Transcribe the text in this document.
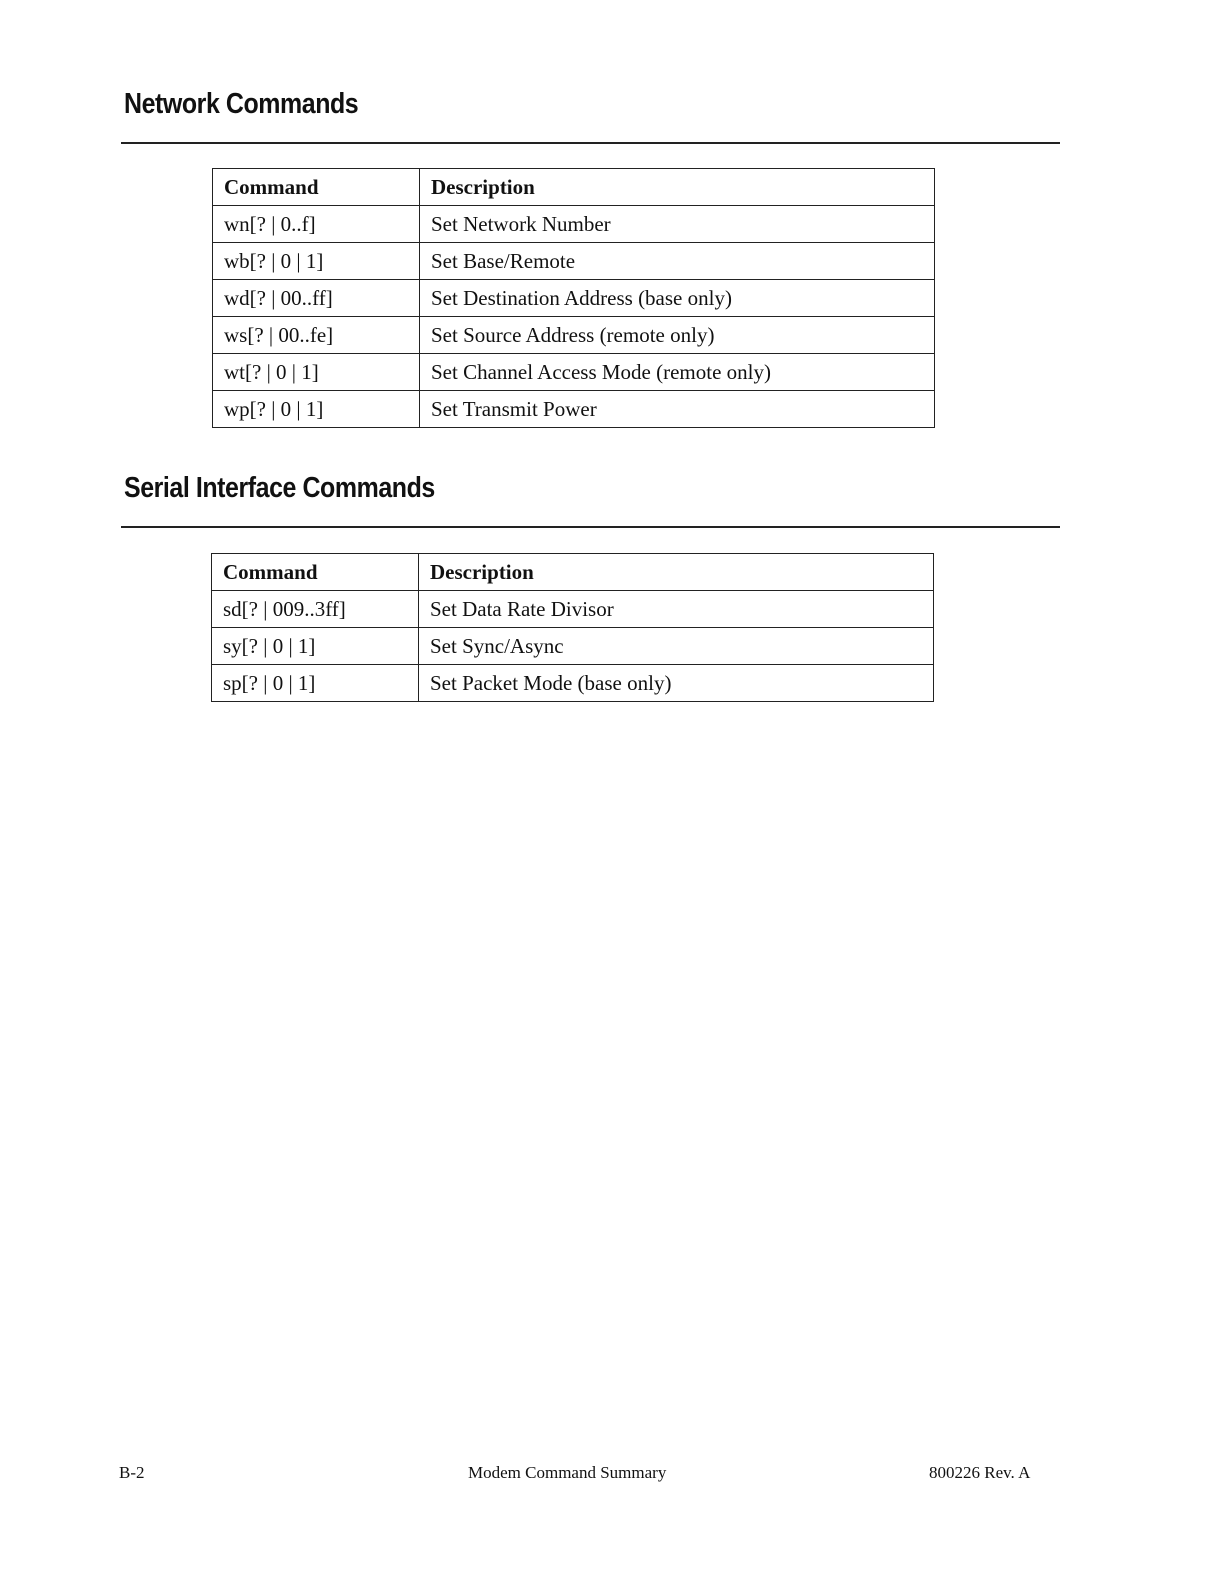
Network Commands
Command	Description
wn[? | 0..f]	Set Network Number
wb[? | 0 | 1]	Set Base/Remote
wd[? | 00..ff]	Set Destination Address (base only)
ws[? | 00..fe]	Set Source Address (remote only)
wt[? | 0 | 1]	Set Channel Access Mode (remote only)
wp[? | 0 | 1]	Set Transmit Power
Serial Interface Commands
Command	Description
sd[? | 009..3ff]	Set Data Rate Divisor
sy[? | 0 | 1]	Set Sync/Async
sp[? | 0 | 1]	Set Packet Mode (base only)
B-2	Modem Command Summary	800226 Rev. A
